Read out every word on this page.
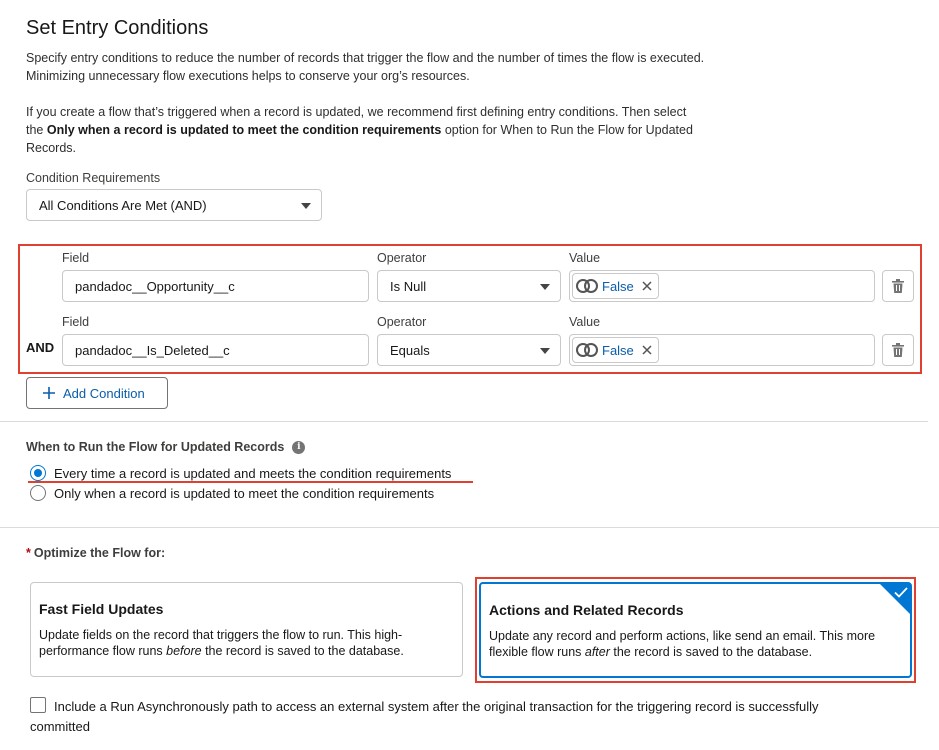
Set Entry Conditions
Specify entry conditions to reduce the number of records that trigger the flow and the number of times the flow is executed. Minimizing unnecessary flow executions helps to conserve your org’s resources.
If you create a flow that’s triggered when a record is updated, we recommend first defining entry conditions. Then select the Only when a record is updated to meet the condition requirements option for When to Run the Flow for Updated Records.
Condition Requirements
All Conditions Are Met (AND)
Field	Operator	Value
pandadoc__Opportunity__c	Is Null	False
Field	Operator	Value
AND pandadoc__Is_Deleted__c	Equals	False
Add Condition
When to Run the Flow for Updated Records	i
Every time a record is updated and meets the condition requirements
Only when a record is updated to meet the condition requirements
* Optimize the Flow for:
Fast Field Updates
Update fields on the record that triggers the flow to run. This high-performance flow runs before the record is saved to the database.
Actions and Related Records
Update any record and perform actions, like send an email. This more flexible flow runs after the record is saved to the database.
Include a Run Asynchronously path to access an external system after the original transaction for the triggering record is successfully committed
